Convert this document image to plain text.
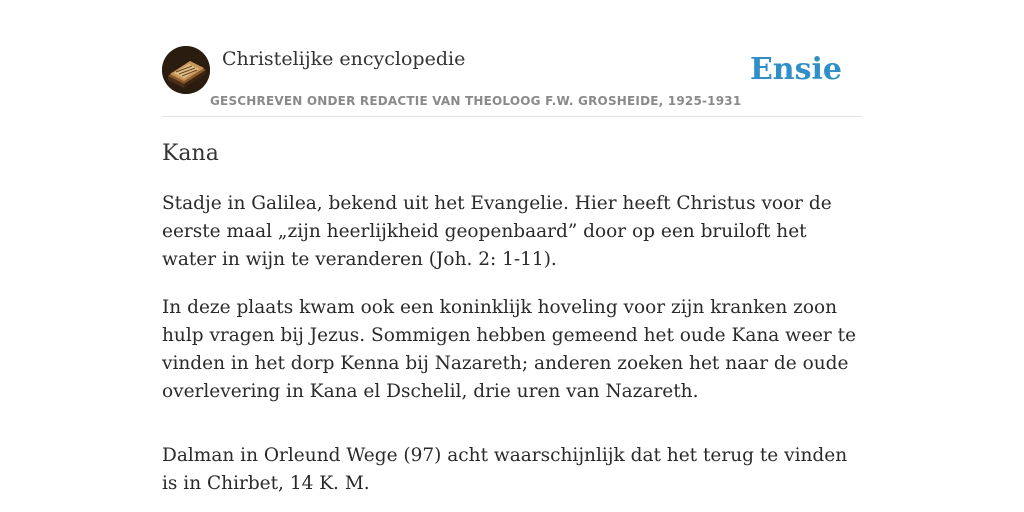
Christelijke encyclopedie
GESCHREVEN ONDER REDACTIE VAN THEOLOOG F.W. GROSHEIDE, 1925-1931
Ensie
Kana

Stadje in Galilea, bekend uit het Evangelie. Hier heeft Christus voor de eerste maal „zijn heerlijkheid geopenbaard” door op een bruiloft het water in wijn te veranderen (Joh. 2: 1-11).

In deze plaats kwam ook een koninklijk hoveling voor zijn kranken zoon hulp vragen bij Jezus. Sommigen hebben gemeend het oude Kana weer te vinden in het dorp Kenna bij Nazareth; anderen zoeken het naar de oude overlevering in Kana el Dschelil, drie uren van Nazareth.

Dalman in Orleund Wege (97) acht waarschijnlijk dat het terug te vinden is in Chirbet, 14 K. M.
